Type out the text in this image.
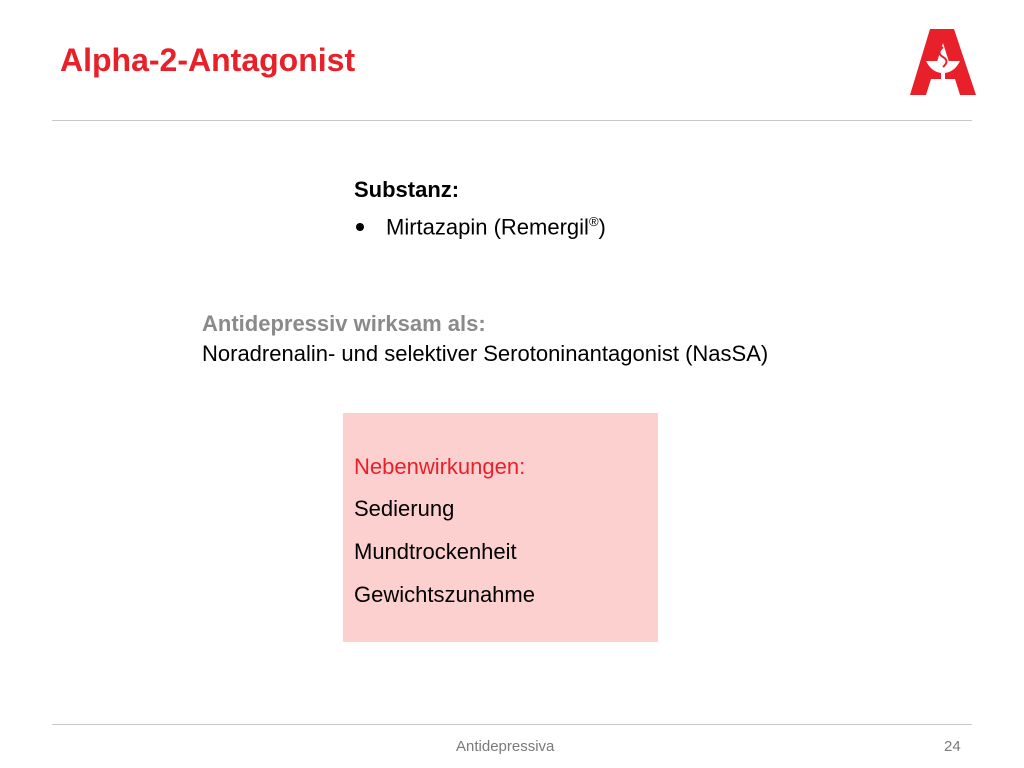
Alpha-2-Antagonist
Substanz:
Mirtazapin (Remergil®)
Antidepressiv wirksam als:
Noradrenalin- und selektiver Serotoninantagonist (NasSA)
Nebenwirkungen:
Sedierung
Mundtrockenheit
Gewichtszunahme
Antidepressiva	24
